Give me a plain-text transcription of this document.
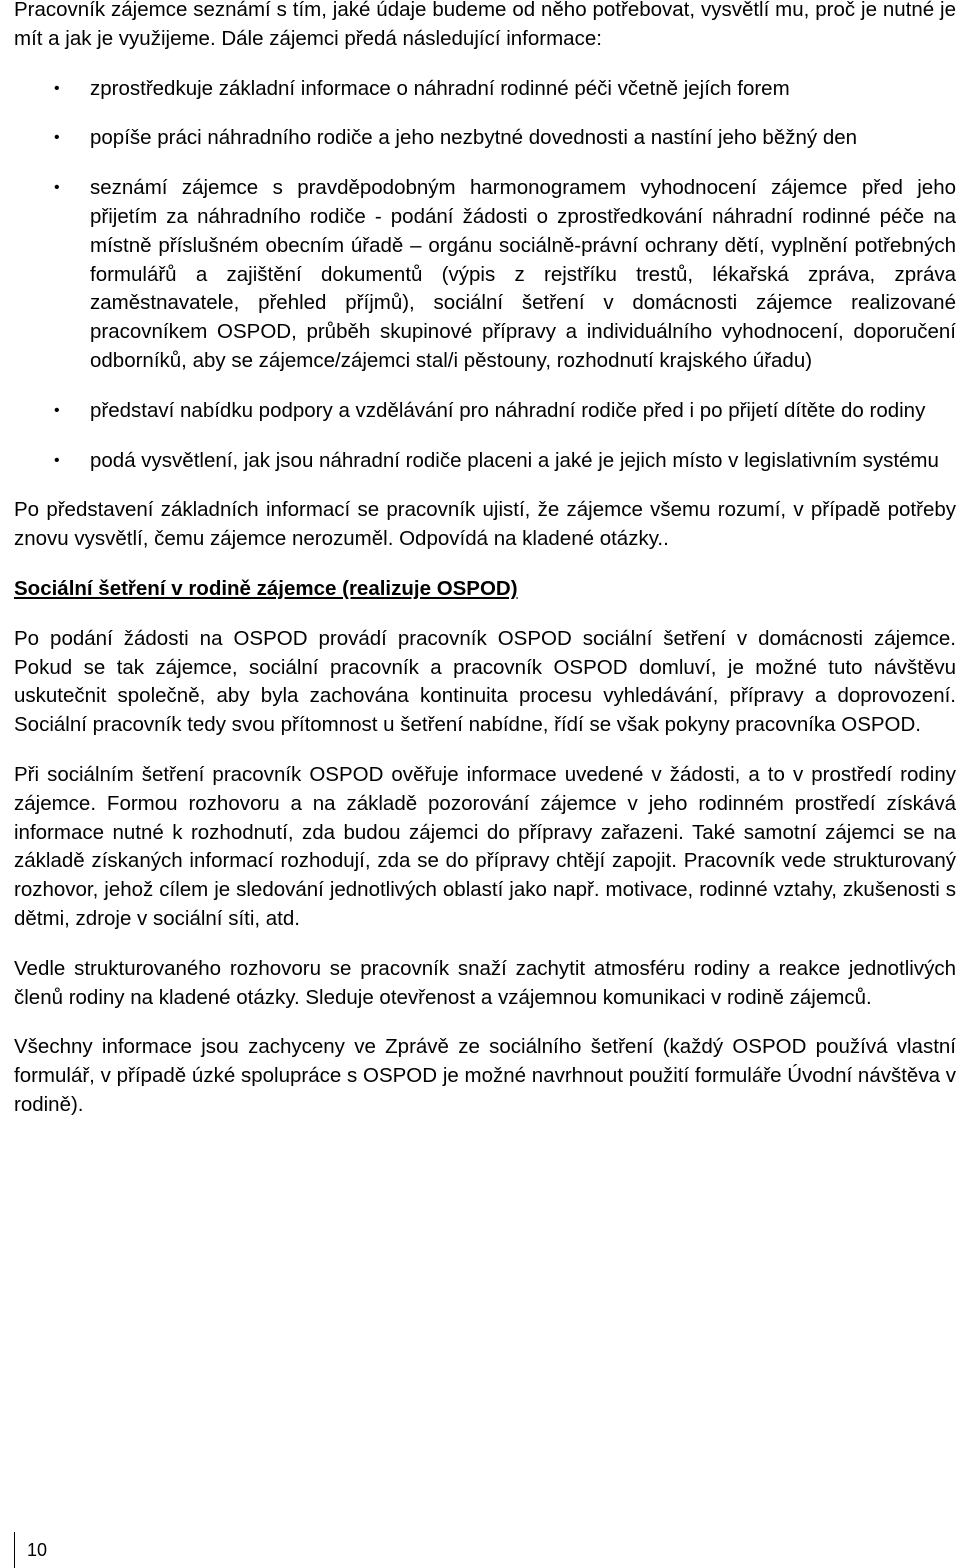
Pracovník zájemce seznámí s tím, jaké údaje budeme od něho potřebovat, vysvětlí mu, proč je nutné je mít a jak je využijeme. Dále zájemci předá následující informace:

• zprostředkuje základní informace o náhradní rodinné péči včetně jejích forem
• popíše práci náhradního rodiče a jeho nezbytné dovednosti a nastíní jeho běžný den
• seznámí zájemce s pravděpodobným harmonogramem vyhodnocení zájemce před jeho přijetím za náhradního rodiče - podání žádosti o zprostředkování náhradní rodinné péče na místně příslušném obecním úřadě – orgánu sociálně-právní ochrany dětí, vyplnění potřebných formulářů a zajištění dokumentů (výpis z rejstříku trestů, lékařská zpráva, zpráva zaměstnavatele, přehled příjmů), sociální šetření v domácnosti zájemce realizované pracovníkem OSPOD, průběh skupinové přípravy a individuálního vyhodnocení, doporučení odborníků, aby se zájemce/zájemci stal/i pěstouny, rozhodnutí krajského úřadu)
• představí nabídku podpory a vzdělávání pro náhradní rodiče před i po přijetí dítěte do rodiny
• podá vysvětlení, jak jsou náhradní rodiče placeni a jaké je jejich místo v legislativním systému

Po představení základních informací se pracovník ujistí, že zájemce všemu rozumí, v případě potřeby znovu vysvětlí, čemu zájemce nerozuměl. Odpovídá na kladené otázky..

Sociální šetření v rodině zájemce (realizuje OSPOD)

Po podání žádosti na OSPOD provádí pracovník OSPOD sociální šetření v domácnosti zájemce. Pokud se tak zájemce, sociální pracovník a pracovník OSPOD domluví, je možné tuto návštěvu uskutečnit společně, aby byla zachována kontinuita procesu vyhledávání, přípravy a doprovození. Sociální pracovník tedy svou přítomnost u šetření nabídne, řídí se však pokyny pracovníka OSPOD.

Při sociálním šetření pracovník OSPOD ověřuje informace uvedené v žádosti, a to v prostředí rodiny zájemce. Formou rozhovoru a na základě pozorování zájemce v jeho rodinném prostředí získává informace nutné k rozhodnutí, zda budou zájemci do přípravy zařazeni. Také samotní zájemci se na základě získaných informací rozhodují, zda se do přípravy chtějí zapojit. Pracovník vede strukturovaný rozhovor, jehož cílem je sledování jednotlivých oblastí jako např. motivace, rodinné vztahy, zkušenosti s dětmi, zdroje v sociální síti, atd.

Vedle strukturovaného rozhovoru se pracovník snaží zachytit atmosféru rodiny a reakce jednotlivých členů rodiny na kladené otázky. Sleduje otevřenost a vzájemnou komunikaci v rodině zájemců.

Všechny informace jsou zachyceny ve Zprávě ze sociálního šetření (každý OSPOD používá vlastní formulář, v případě úzké spolupráce s OSPOD je možné navrhnout použití formuláře Úvodní návštěva v rodině).

10
